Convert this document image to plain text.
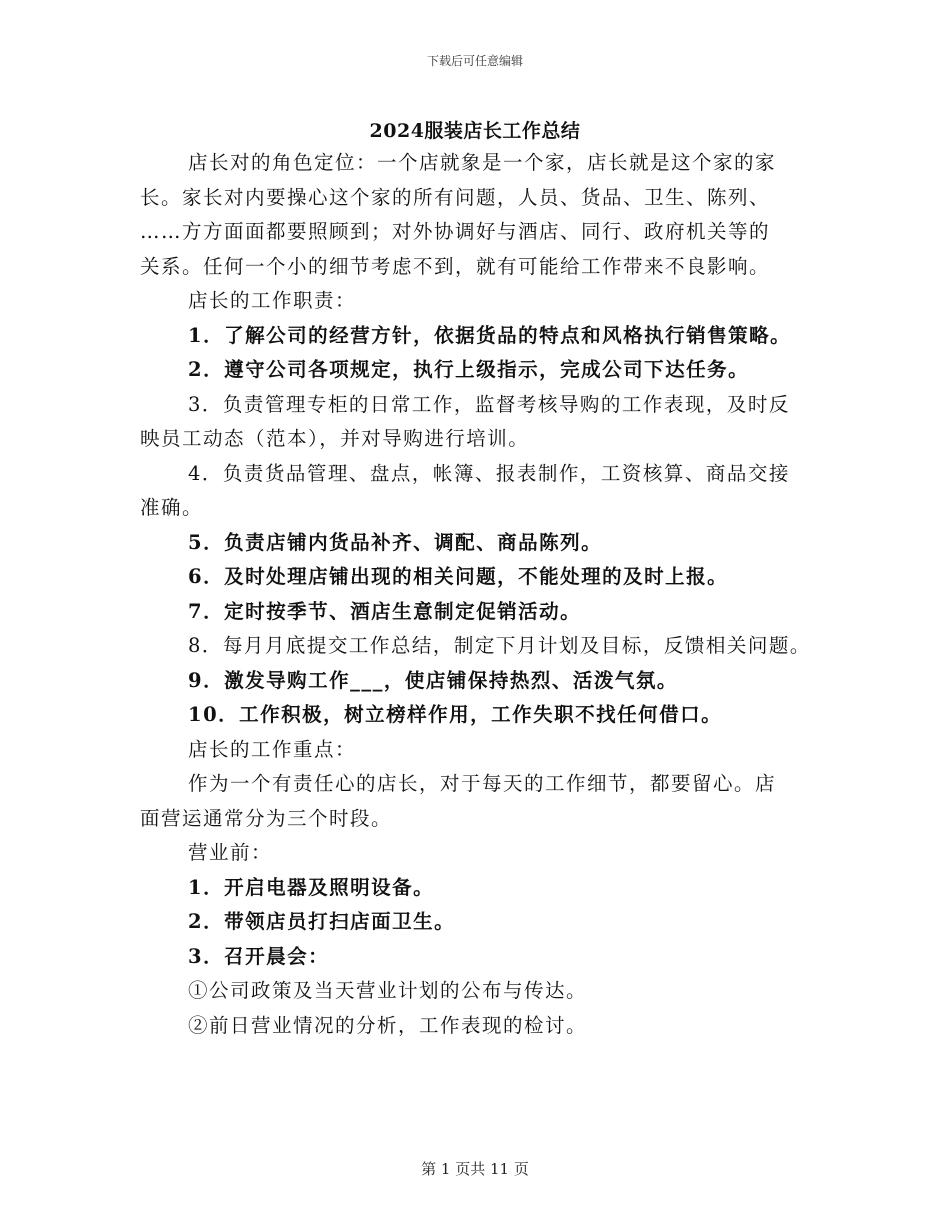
下载后可任意编辑
2024服装店长工作总结

店长对的角色定位：一个店就象是一个家，店长就是这个家的家

长。家长对内要操心这个家的所有问题，人员、货品、卫生、陈列、

……方方面面都要照顾到；对外协调好与酒店、同行、政府机关等的

关系。任何一个小的细节考虑不到，就有可能给工作带来不良影响。

店长的工作职责：

1．了解公司的经营方针，依据货品的特点和风格执行销售策略。

2．遵守公司各项规定，执行上级指示，完成公司下达任务。

3．负责管理专柜的日常工作，监督考核导购的工作表现，及时反

映员工动态（范本），并对导购进行培训。

4．负责货品管理、盘点，帐簿、报表制作，工资核算、商品交接

准确。

5．负责店铺内货品补齐、调配、商品陈列。

6．及时处理店铺出现的相关问题，不能处理的及时上报。

7．定时按季节、酒店生意制定促销活动。

8．每月月底提交工作总结，制定下月计划及目标，反馈相关问题。

9．激发导购工作___，使店铺保持热烈、活泼气氛。

10．工作积极，树立榜样作用，工作失职不找任何借口。

店长的工作重点：

作为一个有责任心的店长，对于每天的工作细节，都要留心。店

面营运通常分为三个时段。

营业前：

1．开启电器及照明设备。

2．带领店员打扫店面卫生。

3．召开晨会：

①公司政策及当天营业计划的公布与传达。

②前日营业情况的分析，工作表现的检讨。

第 1 页共 11 页
